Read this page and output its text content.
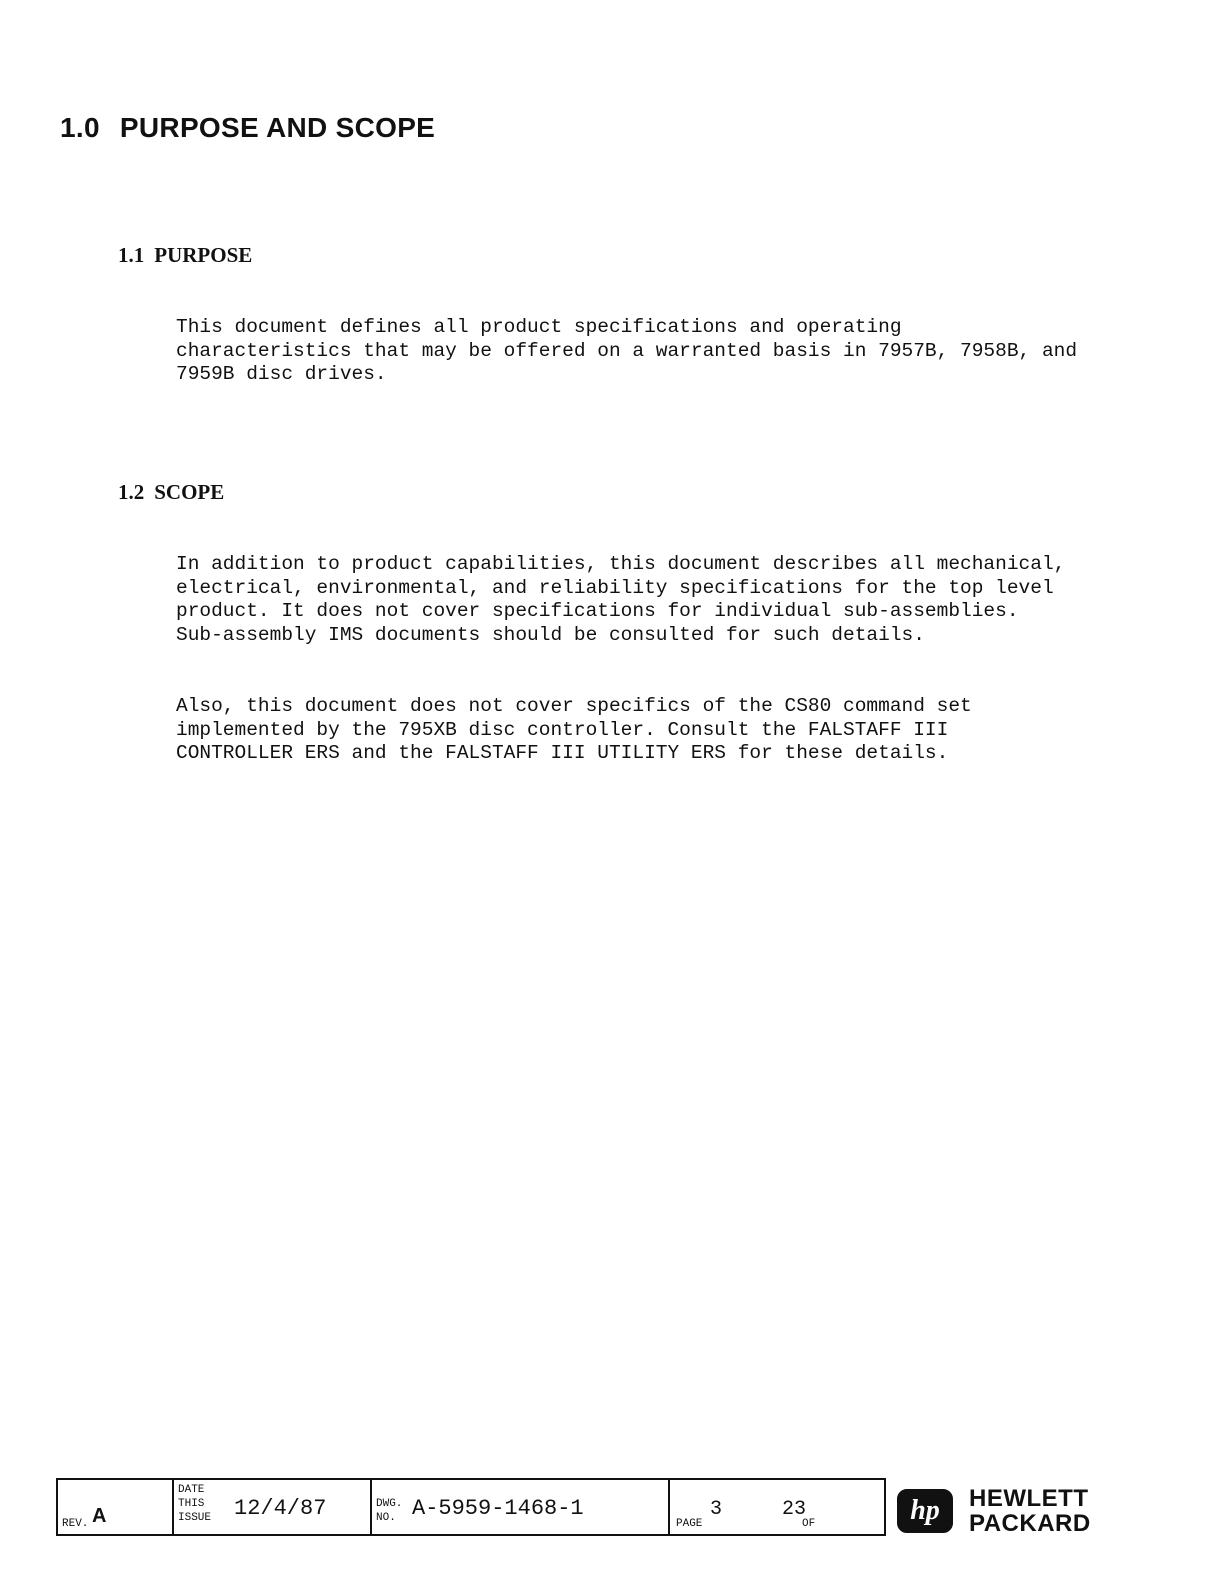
1.0 PURPOSE AND SCOPE
1.1 PURPOSE

This document defines all product specifications and operating
characteristics that may be offered on a warranted basis in 7957B, 7958B, and
7959B disc drives.

1.2 SCOPE

In addition to product capabilities, this document describes all mechanical,
electrical, environmental, and reliability specifications for the top level
product. It does not cover specifications for individual sub-assemblies.
Sub-assembly IMS documents should be consulted for such details.

Also, this document does not cover specifics of the CS80 command set
implemented by the 795XB disc controller. Consult the FALSTAFF III
CONTROLLER ERS and the FALSTAFF III UTILITY ERS for these details.

REV. A
DATE
THIS
ISSUE 12/4/87	DWG.
NO. A-5959-1468-1
PAGE
3	23
OF	hp HEWLETT
PACKARD
